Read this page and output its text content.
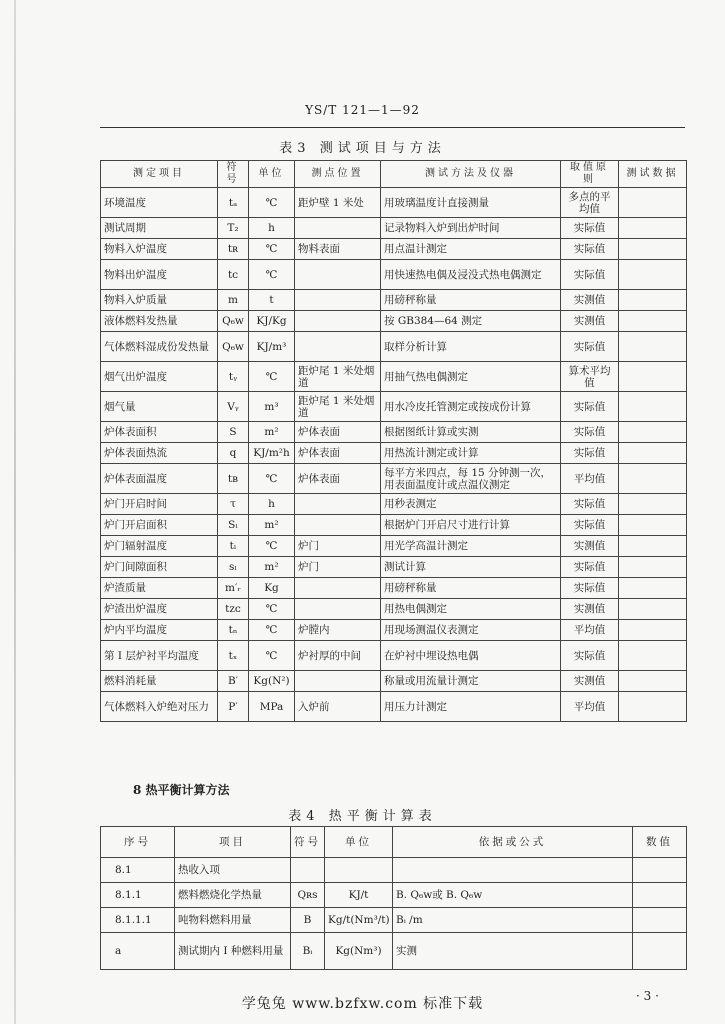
YS/T 121—1—92
表3 测试项目与方法
测定项目	符号	单位	测点位置	测试方法及仪器	取值原则	测试数据
环境温度	tₐ	℃	距炉壁 1 米处	用玻璃温度计直接测量	多点的平均值	
测试周期	T₂	h		记录物料入炉到出炉时间	实际值	
物料入炉温度	tʀ	℃	物料表面	用点温计测定	实际值	
物料出炉温度	tᴄ	℃		用快速热电偶及浸没式热电偶测定	实际值	
物料入炉质量	m	t		用磅秤称量	实测值	
液体燃料发热量	Q₆w	KJ/Kg		按 GB384—64 测定	实测值	
气体燃料湿成份发热量	Q₆w	KJ/m³		取样分析计算	实际值	
烟气出炉温度	tᵧ	℃	距炉尾 1 米处烟道	用抽气热电偶测定	算术平均值	
烟气量	Vᵧ	m³	距炉尾 1 米处烟道	用水冷皮托管测定或按成份计算	实际值	
炉体表面积	S	m²	炉体表面	根据图纸计算或实测	实际值	
炉体表面热流	q	KJ/m²h	炉体表面	用热流计测定或计算	实际值	
炉体表面温度	tʙ	℃	炉体表面	每平方米四点，每 15 分钟测一次，用表面温度计或点温仪测定	平均值	
炉门开启时间	τ	h		用秒表测定	实际值	
炉门开启面积	Sₗ	m²		根据炉门开启尺寸进行计算	实际值	
炉门辐射温度	tₗ	℃	炉门	用光学高温计测定	实测值	
炉门间隙面积	sₗ	m²	炉门	测试计算	实际值	
炉渣质量	m′ᵣ	Kg		用磅秤称量	实际值	
炉渣出炉温度	tᴢᴄ	℃		用热电偶测定	实测值	
炉内平均温度	tₙ	℃	炉膛内	用现场测温仪表测定	平均值	
第 I 层炉衬平均温度	tₓ	℃	炉衬厚的中间	在炉衬中埋设热电偶	实际值	
燃料消耗量	B′	Kg(N²)		称量或用流量计测定	实测值	
气体燃料入炉绝对压力	P′	MPa	入炉前	用压力计测定	平均值	
8 热平衡计算方法
表4 热平衡计算表
序号	项目	符号	单位	依据或公式	数值
8.1	热收入项				
8.1.1	燃料燃烧化学热量	Qʀs	KJ/t	B. Q₆w或 B. Q₆w	
8.1.1.1	吨物料燃料用量	B	Kg/t(Nm³/t)	Bᵢ /m	
a	测试期内 I 种燃料用量	Bᵢ	Kg(Nm³)	实测	
学兔兔 www.bzfxw.com 标准下载	· 3 ·
